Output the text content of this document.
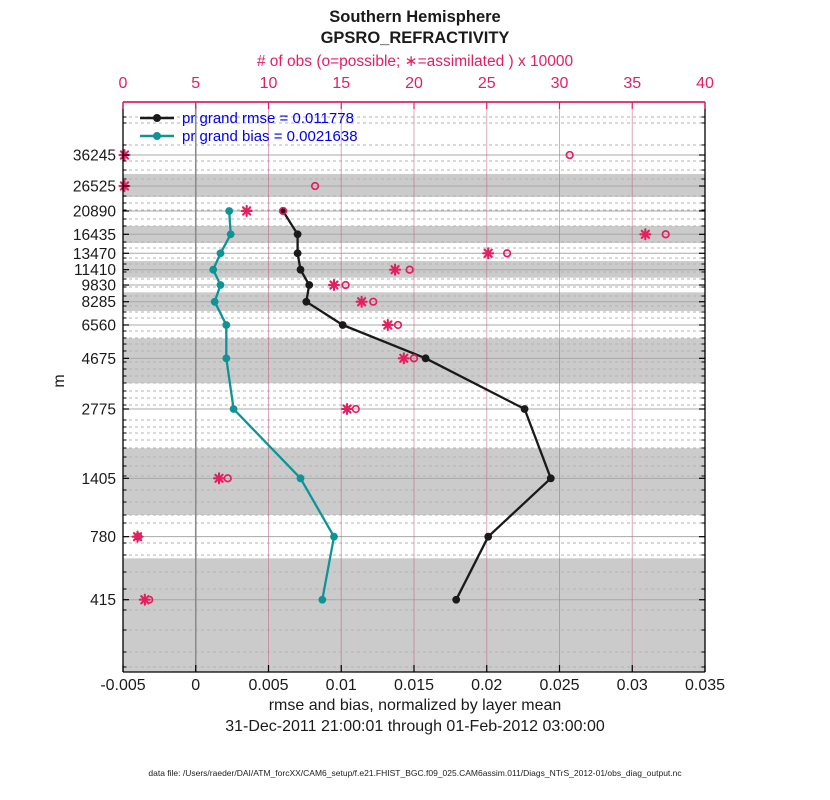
0	5	10	15	20	25	30	35	40
-0.005	0	0.005 0.01 0.015 0.02 0.025 0.03 0.035
36245
26525
20890
16435
13470
11410
9830
8285
6560
4675
2775
1405
780
415
Southern Hemisphere
GPSRO_REFRACTIVITY
# of obs (o=possible; ∗=assimilated ) x 10000
m
rmse and bias, normalized by layer mean
31-Dec-2011 21:00:01 through 01-Feb-2012 03:00:00
data file: /Users/raeder/DAI/ATM_forcXX/CAM6_setup/f.e21.FHIST_BGC.f09_025.CAM6assim.011/Diags_NTrS_2012-01/obs_diag_output.nc
pr grand rmse = 0.011778
pr grand bias = 0.0021638
